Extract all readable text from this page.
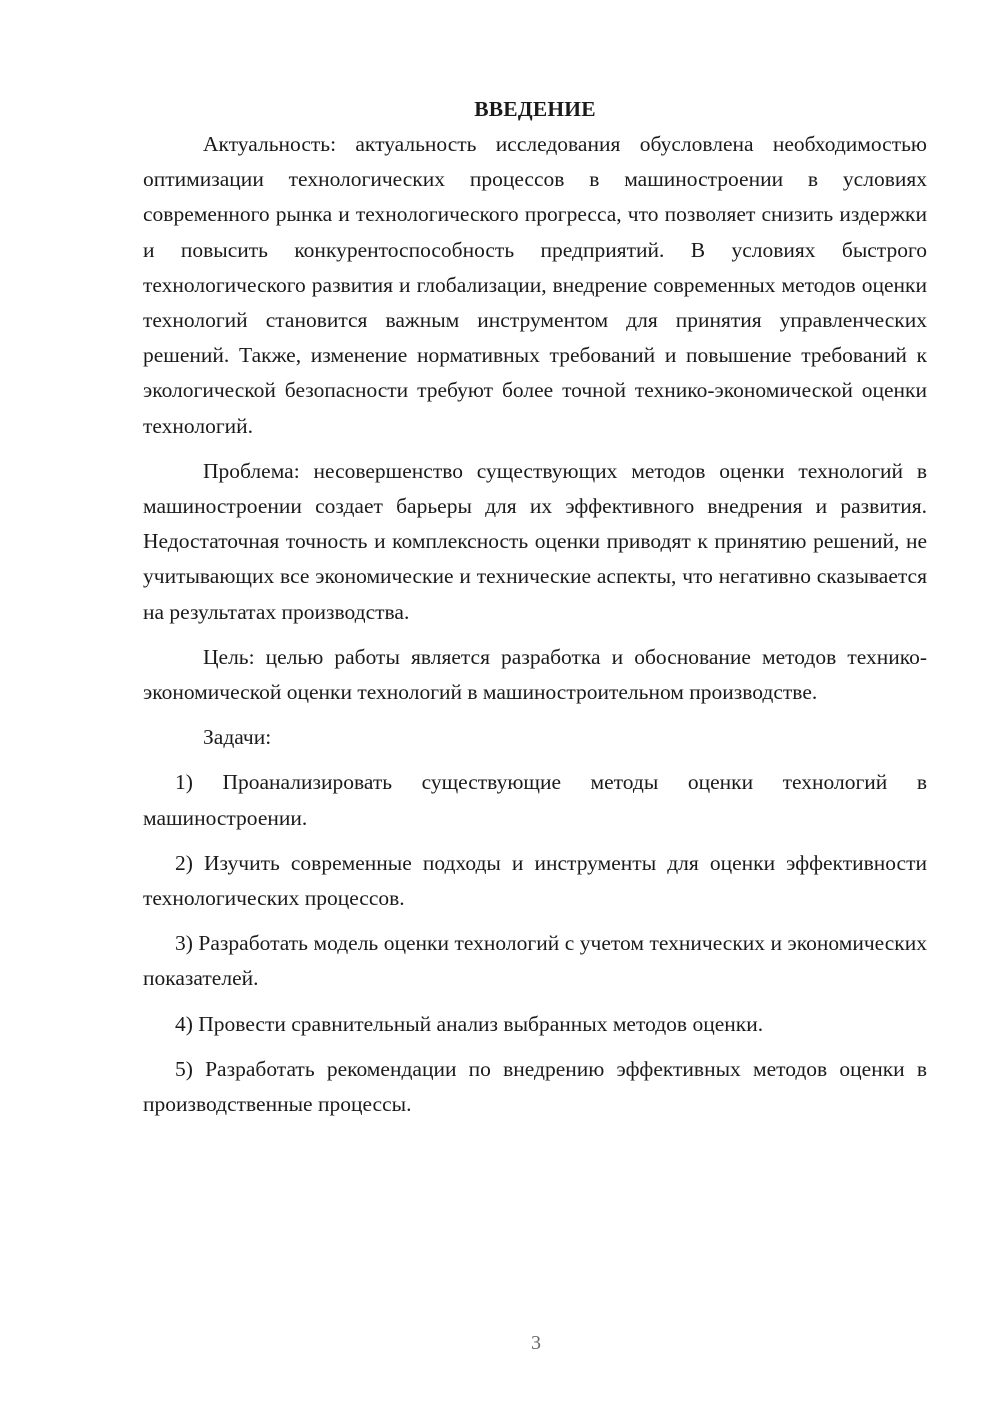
ВВЕДЕНИЕ

Актуальность: актуальность исследования обусловлена необходимостью оптимизации технологических процессов в машиностроении в условиях современного рынка и технологического прогресса, что позволяет снизить издержки и повысить конкурентоспособность предприятий. В условиях быстрого технологического развития и глобализации, внедрение современных методов оценки технологий становится важным инструментом для принятия управленческих решений. Также, изменение нормативных требований и повышение требований к экологической безопасности требуют более точной технико-экономической оценки технологий.

Проблема: несовершенство существующих методов оценки технологий в машиностроении создает барьеры для их эффективного внедрения и развития. Недостаточная точность и комплексность оценки приводят к принятию решений, не учитывающих все экономические и технические аспекты, что негативно сказывается на результатах производства.

Цель: целью работы является разработка и обоснование методов технико-экономической оценки технологий в машиностроительном производстве.

Задачи:

1) Проанализировать существующие методы оценки технологий в машиностроении.

2) Изучить современные подходы и инструменты для оценки эффективности технологических процессов.

3) Разработать модель оценки технологий с учетом технических и экономических показателей.

4) Провести сравнительный анализ выбранных методов оценки.

5) Разработать рекомендации по внедрению эффективных методов оценки в производственные процессы.

3
